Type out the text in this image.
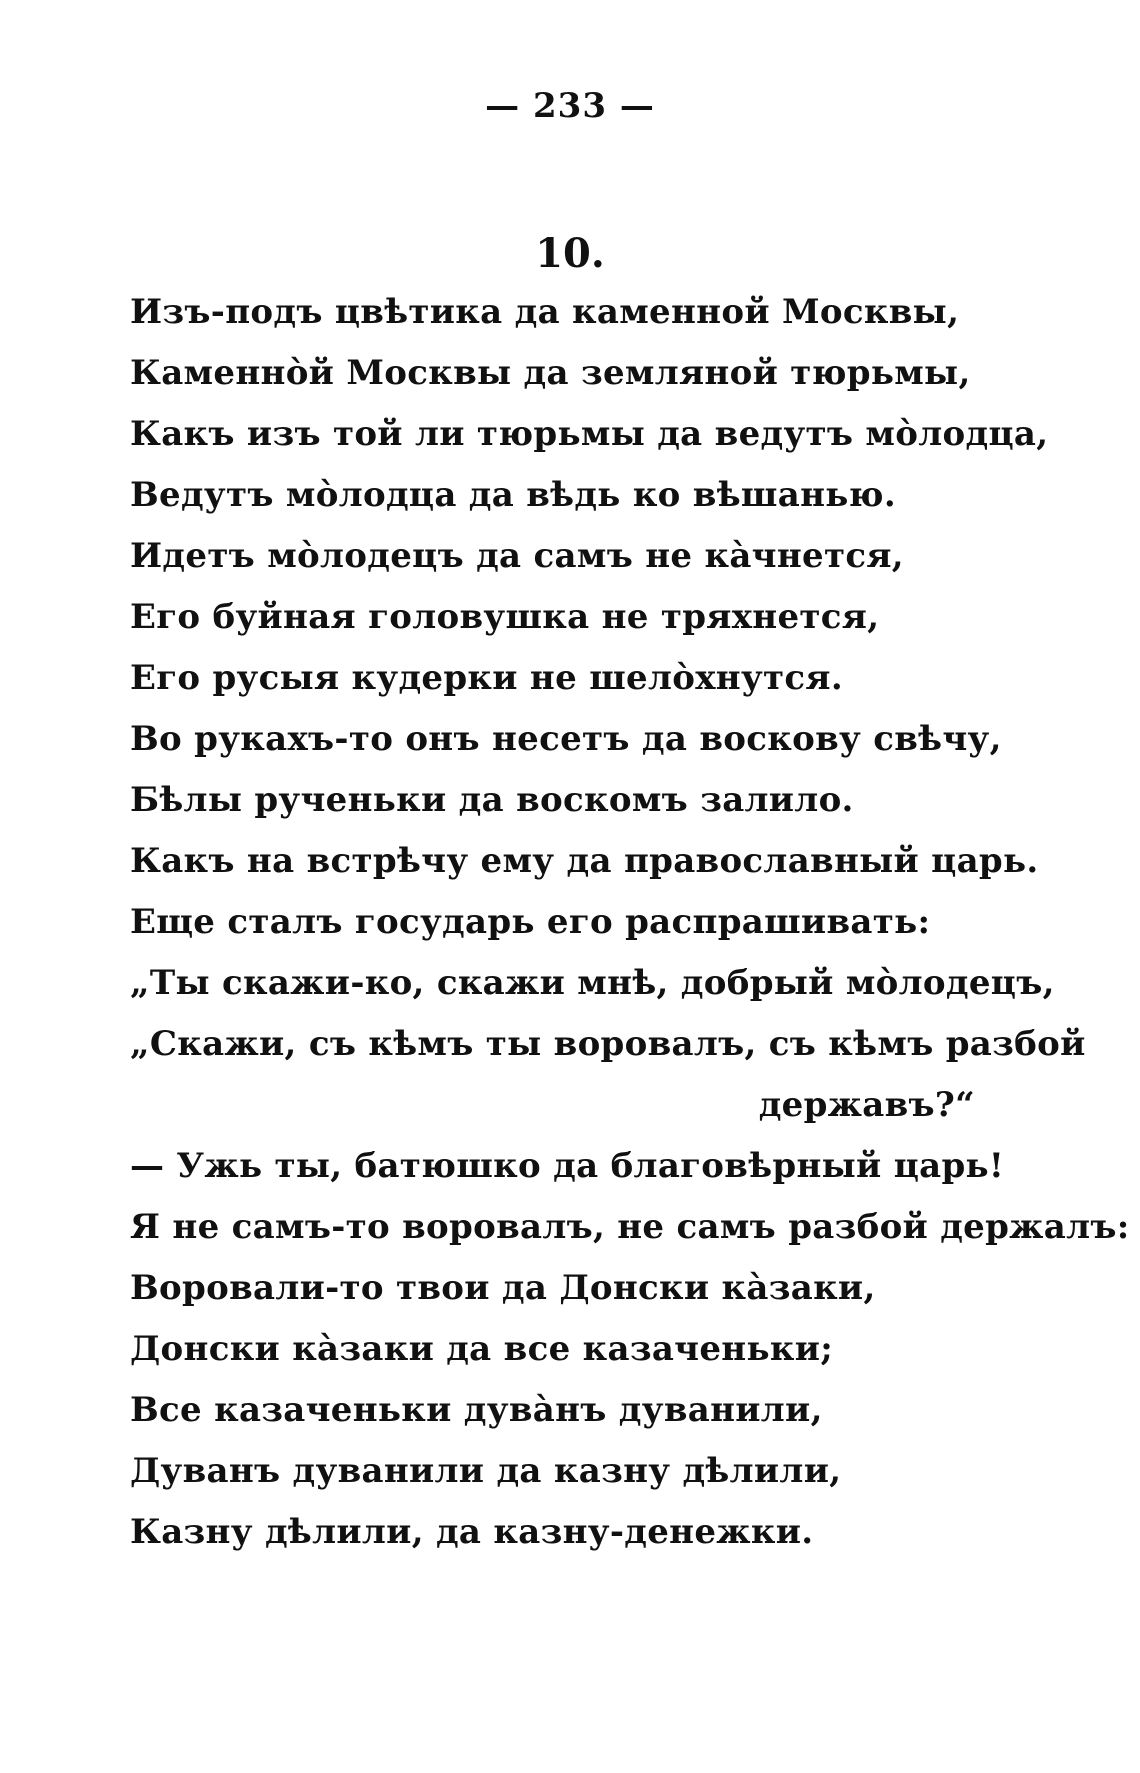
— 233 —
10.
Изъ-подъ цвѣтика да каменной Москвы,
Каменно̀й Москвы да земляной тюрьмы,
Какъ изъ той ли тюрьмы да ведутъ мо̀лодца,
Ведутъ мо̀лодца да вѣдь ко вѣшанью.
Идетъ мо̀лодецъ да самъ не ка̀чнется,
Его буйная головушка не тряхнется,
Его русыя кудерки не шело̀хнутся.
Во рукахъ-то онъ несетъ да воскову свѣчу,
Бѣлы рученьки да воскомъ залило.
Какъ на встрѣчу ему да православный царь.
Еще сталъ государь его распрашивать:
„Ты скажи-ко, скажи мнѣ, добрый мо̀лодецъ,
„Скажи, съ кѣмъ ты воровалъ, съ кѣмъ разбой
державъ?“
— Ужь ты, батюшко да благовѣрный царь!
Я не самъ-то воровалъ, не самъ разбой держалъ:
Воровали-то твои да Донски ка̀заки,
Донски ка̀заки да все казаченьки;
Все казаченьки дува̀нъ дуванили,
Дуванъ дуванили да казну дѣлили,
Казну дѣлили, да казну-денежки.
